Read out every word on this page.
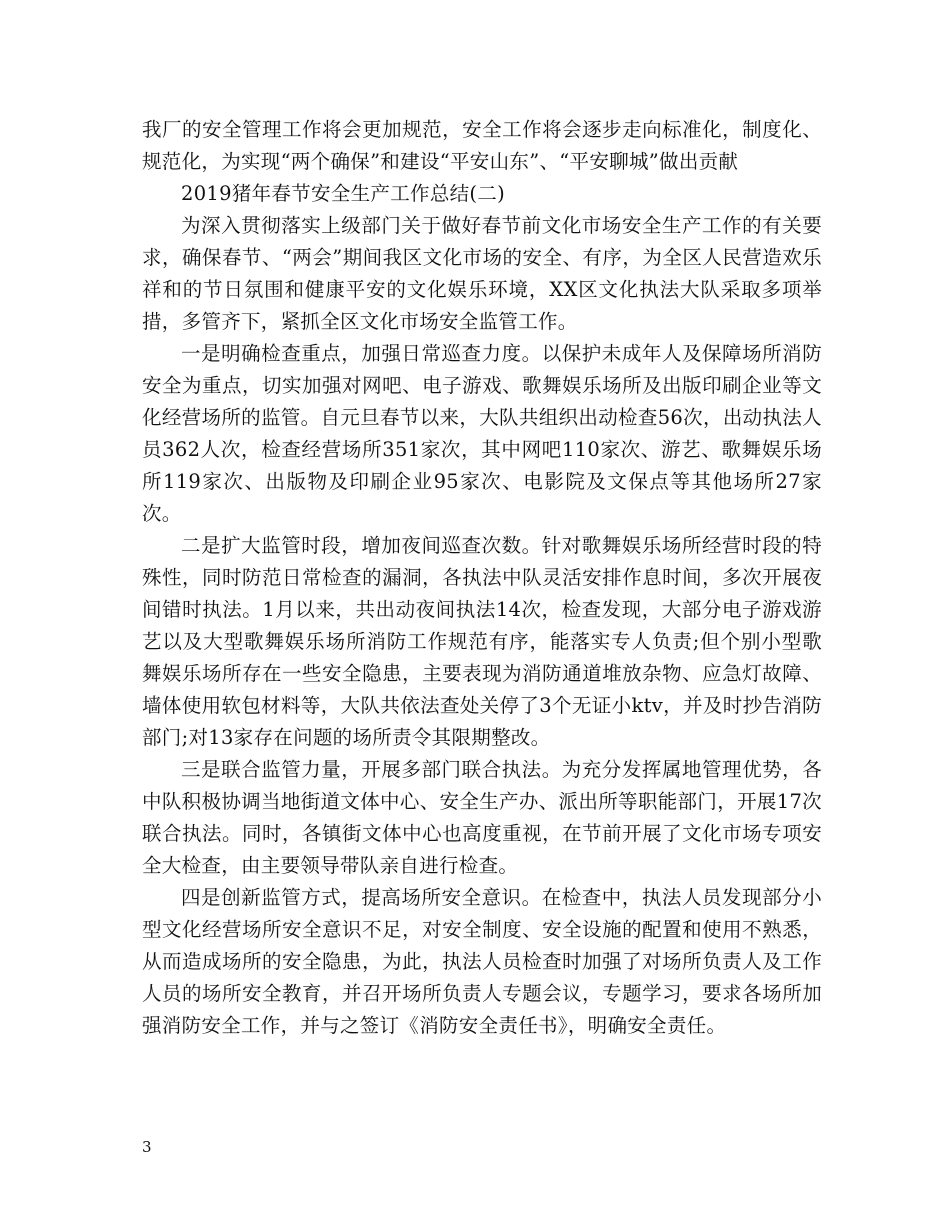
我厂的安全管理工作将会更加规范，安全工作将会逐步走向标准化，制度化、规范化，为实现“两个确保”和建设“平安山东”、“平安聊城”做出贡献

2019猪年春节安全生产工作总结(二)

为深入贯彻落实上级部门关于做好春节前文化市场安全生产工作的有关要求，确保春节、“两会”期间我区文化市场的安全、有序，为全区人民营造欢乐祥和的节日氛围和健康平安的文化娱乐环境，XX区文化执法大队采取多项举措，多管齐下，紧抓全区文化市场安全监管工作。

一是明确检查重点，加强日常巡查力度。以保护未成年人及保障场所消防安全为重点，切实加强对网吧、电子游戏、歌舞娱乐场所及出版印刷企业等文化经营场所的监管。自元旦春节以来，大队共组织出动检查56次，出动执法人员362人次，检查经营场所351家次，其中网吧110家次、游艺、歌舞娱乐场所119家次、出版物及印刷企业95家次、电影院及文保点等其他场所27家次。

二是扩大监管时段，增加夜间巡查次数。针对歌舞娱乐场所经营时段的特殊性，同时防范日常检查的漏洞，各执法中队灵活安排作息时间，多次开展夜间错时执法。1月以来，共出动夜间执法14次，检查发现，大部分电子游戏游艺以及大型歌舞娱乐场所消防工作规范有序，能落实专人负责;但个别小型歌舞娱乐场所存在一些安全隐患，主要表现为消防通道堆放杂物、应急灯故障、墙体使用软包材料等，大队共依法查处关停了3个无证小ktv，并及时抄告消防部门;对13家存在问题的场所责令其限期整改。

三是联合监管力量，开展多部门联合执法。为充分发挥属地管理优势，各中队积极协调当地街道文体中心、安全生产办、派出所等职能部门，开展17次联合执法。同时，各镇街文体中心也高度重视，在节前开展了文化市场专项安全大检查，由主要领导带队亲自进行检查。

四是创新监管方式，提高场所安全意识。在检查中，执法人员发现部分小型文化经营场所安全意识不足，对安全制度、安全设施的配置和使用不熟悉，从而造成场所的安全隐患，为此，执法人员检查时加强了对场所负责人及工作人员的场所安全教育，并召开场所负责人专题会议，专题学习，要求各场所加强消防安全工作，并与之签订《消防安全责任书》，明确安全责任。

3
